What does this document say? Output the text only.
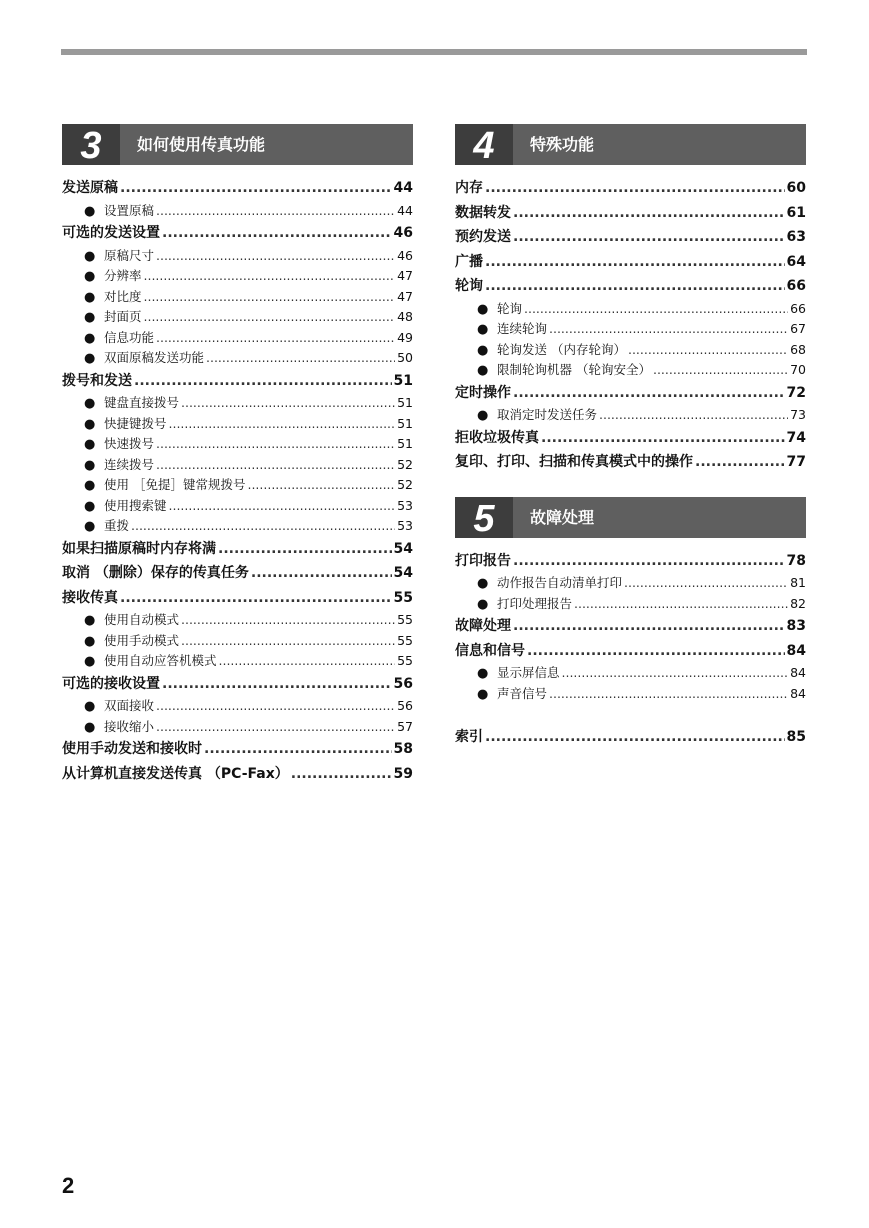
3	如何使用传真功能
发送原稿 .....	44
● 设置原稿 .....	44
可选的发送设置 .....	46
● 原稿尺寸 .....	46
● 分辨率 .....	47
● 对比度 .....	47
● 封面页 .....	48
● 信息功能 .....	49
● 双面原稿发送功能 .....	50
拨号和发送 .....	51
● 键盘直接拨号 .....	51
● 快捷键拨号 .....	51
● 快速拨号 .....	51
● 连续拨号 .....	52
● 使用 ［免提］键常规拨号 .....	52
● 使用搜索键 .....	53
● 重拨 .....	53
如果扫描原稿时内存将满 .....	54
取消 （删除）保存的传真任务 .....	54
接收传真 .....	55
● 使用自动模式 .....	55
● 使用手动模式 .....	55
● 使用自动应答机模式 .....	55
可选的接收设置 .....	56
● 双面接收 .....	56
● 接收缩小 .....	57
使用手动发送和接收时 .....	58
从计算机直接发送传真 （PC-Fax） .....	59
4	特殊功能
内存 .....	60
数据转发 .....	61
预约发送 .....	63
广播 .....	64
轮询 .....	66
● 轮询 .....	66
● 连续轮询 .....	67
● 轮询发送 （内存轮询） .....	68
● 限制轮询机器 （轮询安全） .....	70
定时操作 .....	72
● 取消定时发送任务 .....	73
拒收垃圾传真 .....	74
复印、打印、扫描和传真模式中的操作 .....	77
5	故障处理
打印报告 .....	78
● 动作报告自动清单打印 .....	81
● 打印处理报告 .....	82
故障处理 .....	83
信息和信号 .....	84
● 显示屏信息 .....	84
● 声音信号 .....	84
索引 .....	85
2
